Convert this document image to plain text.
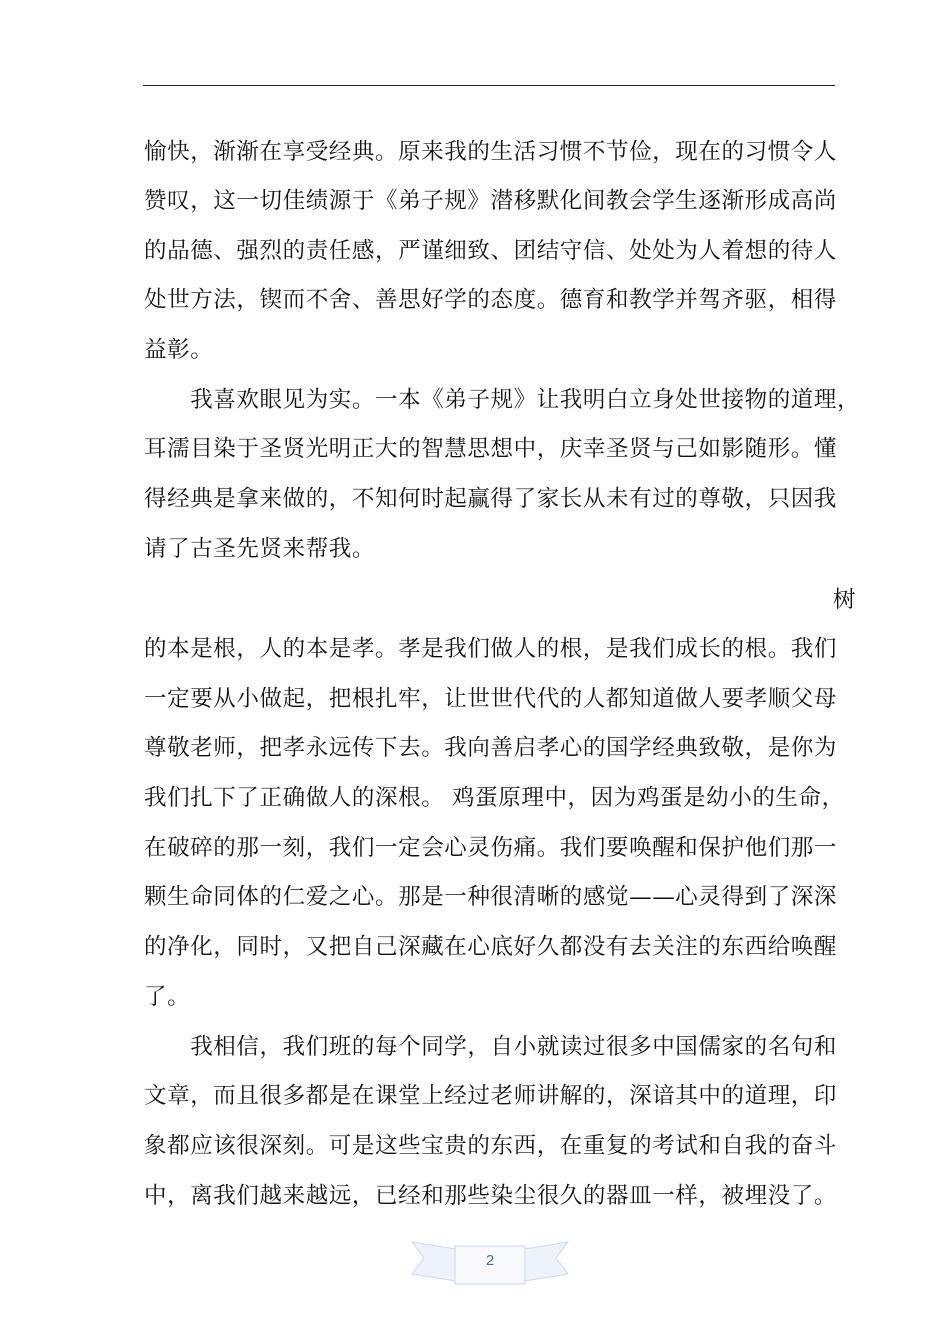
愉快，渐渐在享受经典。原来我的生活习惯不节俭，现在的习惯令人
赞叹，这一切佳绩源于《弟子规》潜移默化间教会学生逐渐形成高尚
的品德、强烈的责任感，严谨细致、团结守信、处处为人着想的待人
处世方法，锲而不舍、善思好学的态度。德育和教学并驾齐驱，相得
益彰。
　　我喜欢眼见为实。一本《弟子规》让我明白立身处世接物的道理，
耳濡目染于圣贤光明正大的智慧思想中，庆幸圣贤与己如影随形。懂
得经典是拿来做的，不知何时起赢得了家长从未有过的尊敬，只因我
请了古圣先贤来帮我。
树
的本是根，人的本是孝。孝是我们做人的根，是我们成长的根。我们
一定要从小做起，把根扎牢，让世世代代的人都知道做人要孝顺父母
尊敬老师，把孝永远传下去。我向善启孝心的国学经典致敬，是你为
我们扎下了正确做人的深根。 鸡蛋原理中，因为鸡蛋是幼小的生命，
在破碎的那一刻，我们一定会心灵伤痛。我们要唤醒和保护他们那一
颗生命同体的仁爱之心。那是一种很清晰的感觉——心灵得到了深深
的净化，同时，又把自己深藏在心底好久都没有去关注的东西给唤醒
了。
　　我相信，我们班的每个同学，自小就读过很多中国儒家的名句和
文章，而且很多都是在课堂上经过老师讲解的，深谙其中的道理，印
象都应该很深刻。可是这些宝贵的东西，在重复的考试和自我的奋斗
中，离我们越来越远，已经和那些染尘很久的器皿一样，被埋没了。
2
